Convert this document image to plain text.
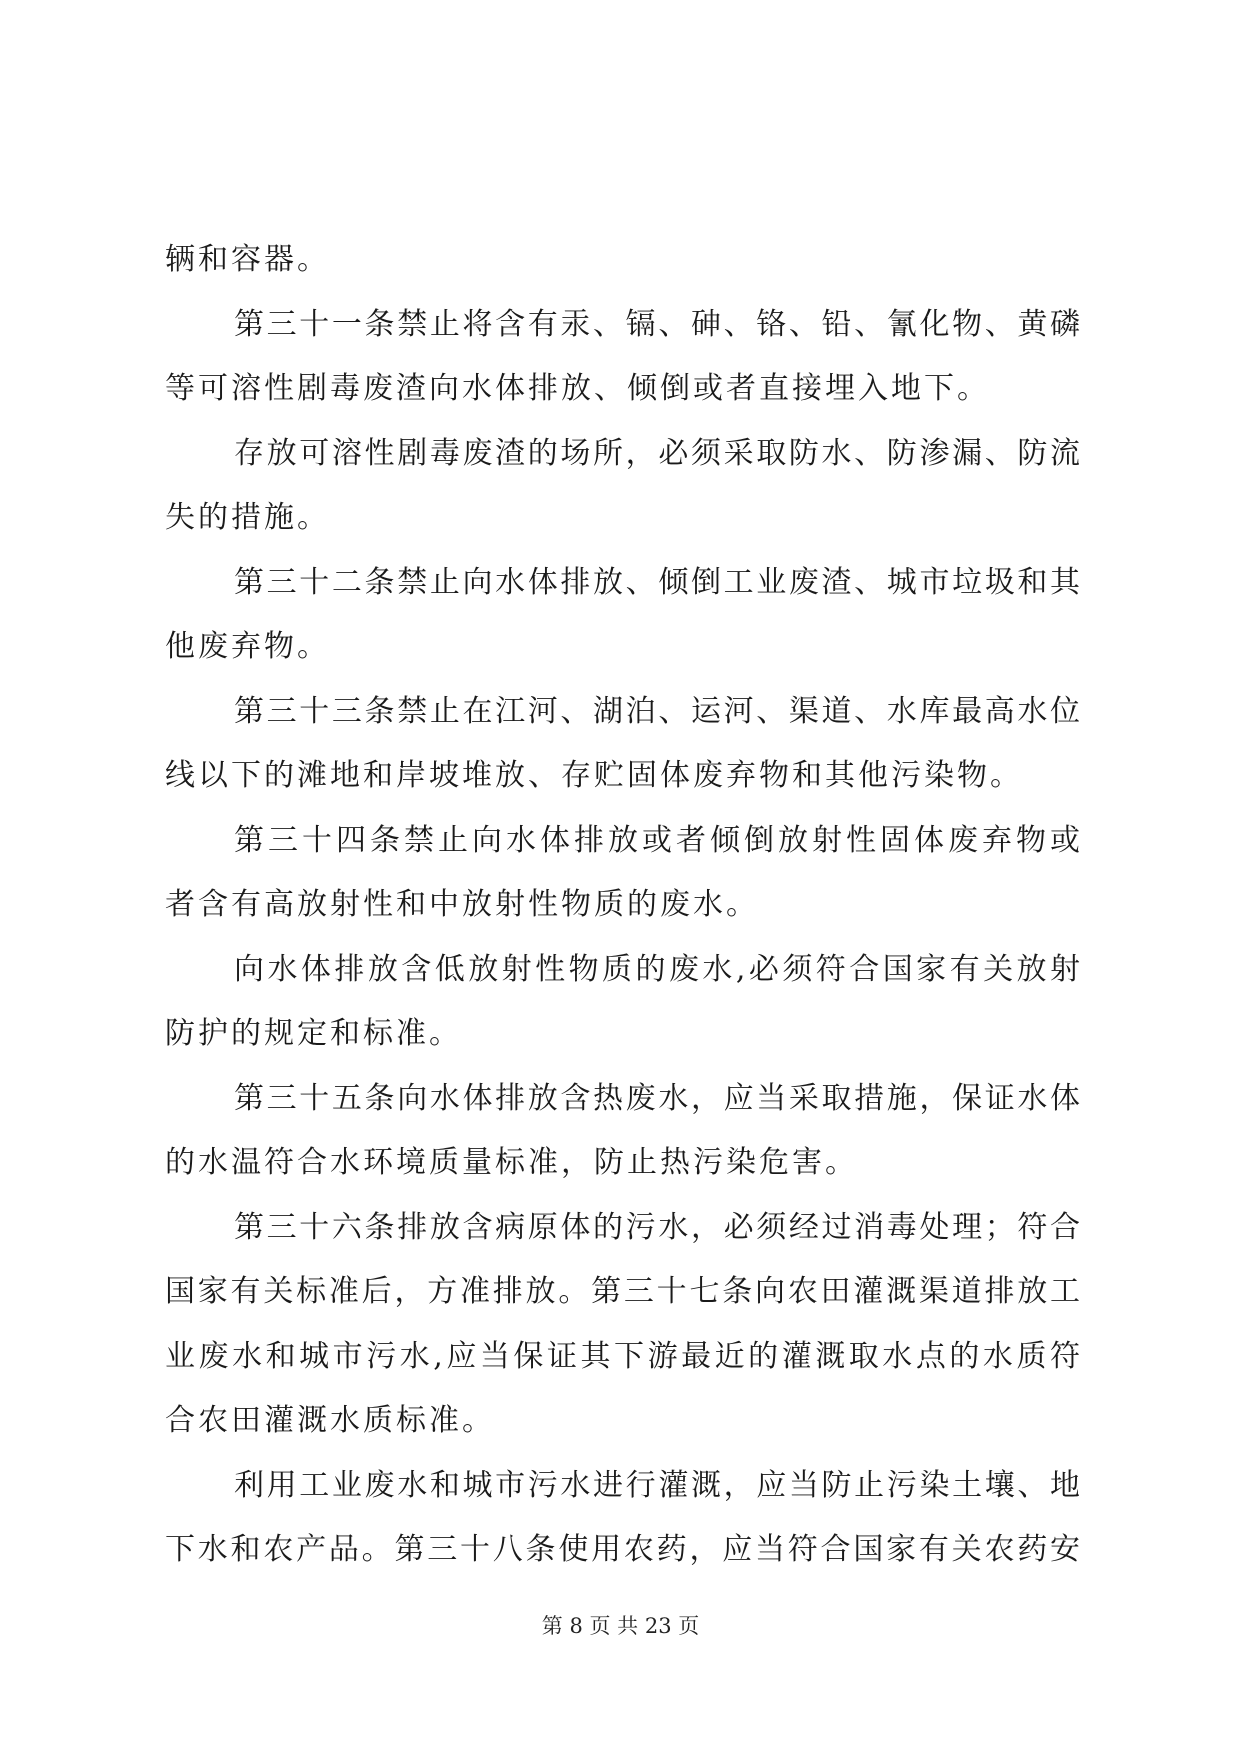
辆和容器。
第三十一条禁止将含有汞、镉、砷、铬、铅、氰化物、黄磷
等可溶性剧毒废渣向水体排放、倾倒或者直接埋入地下。
存放可溶性剧毒废渣的场所，必须采取防水、防渗漏、防流
失的措施。
第三十二条禁止向水体排放、倾倒工业废渣、城市垃圾和其
他废弃物。
第三十三条禁止在江河、湖泊、运河、渠道、水库最高水位
线以下的滩地和岸坡堆放、存贮固体废弃物和其他污染物。
第三十四条禁止向水体排放或者倾倒放射性固体废弃物或
者含有高放射性和中放射性物质的废水。
向水体排放含低放射性物质的废水,必须符合国家有关放射
防护的规定和标准。
第三十五条向水体排放含热废水，应当采取措施，保证水体
的水温符合水环境质量标准，防止热污染危害。
第三十六条排放含病原体的污水，必须经过消毒处理；符合
国家有关标准后，方准排放。第三十七条向农田灌溉渠道排放工
业废水和城市污水,应当保证其下游最近的灌溉取水点的水质符
合农田灌溉水质标准。
利用工业废水和城市污水进行灌溉，应当防止污染土壤、地
下水和农产品。第三十八条使用农药，应当符合国家有关农药安
第 8 页 共 23 页
